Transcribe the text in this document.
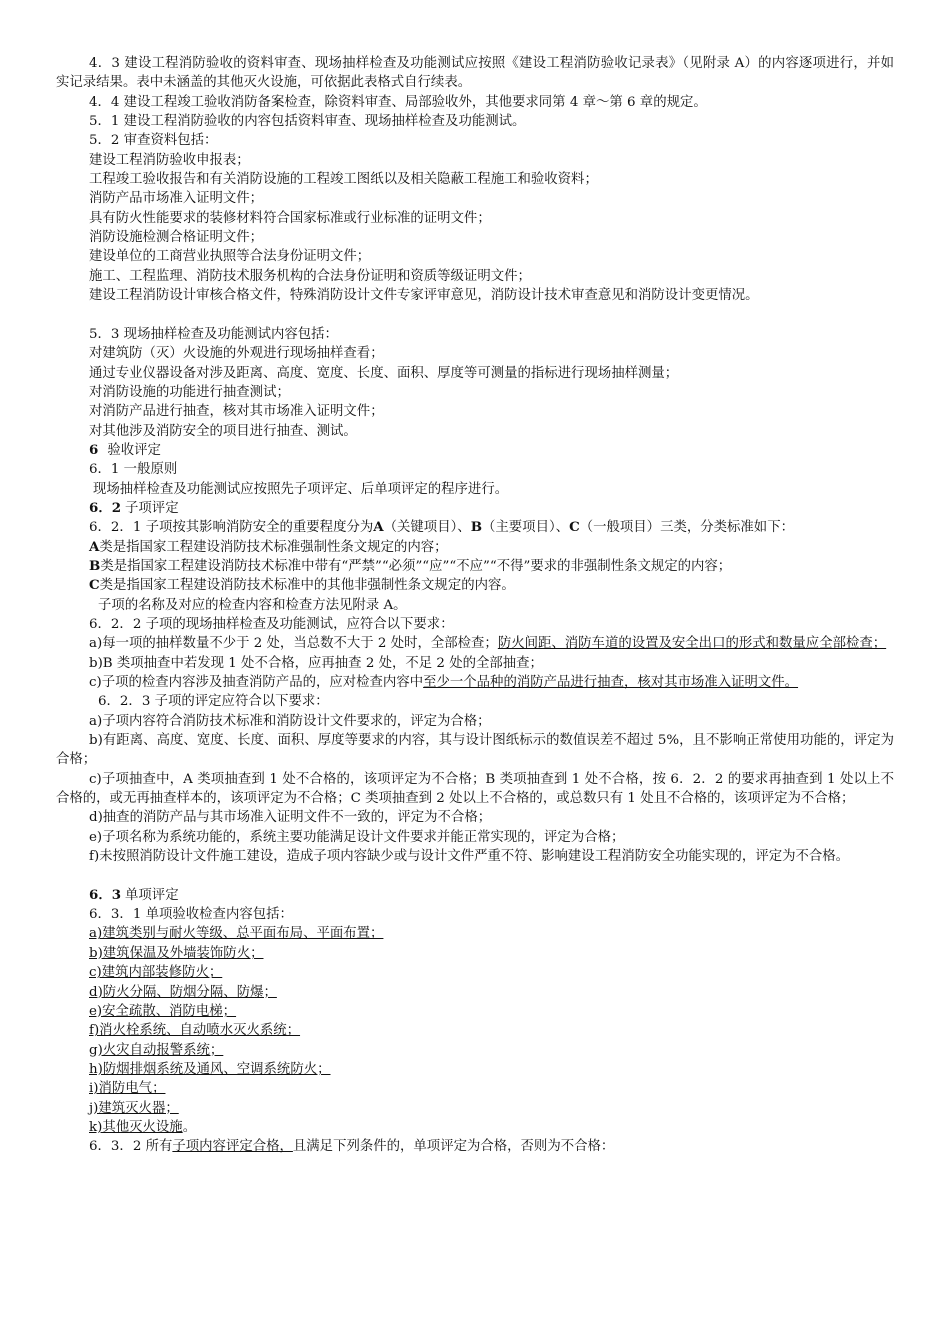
4．3 建设工程消防验收的资料审查、现场抽样检查及功能测试应按照《建设工程消防验收记录表》（见附录 A）的内容逐项进行，并如实记录结果。表中未涵盖的其他灭火设施，可依据此表格式自行续表。

4．4 建设工程竣工验收消防备案检查，除资料审查、局部验收外，其他要求同第 4 章～第 6 章的规定。

5．1 建设工程消防验收的内容包括资料审查、现场抽样检查及功能测试。

5．2 审查资料包括：

建设工程消防验收申报表；

工程竣工验收报告和有关消防设施的工程竣工图纸以及相关隐蔽工程施工和验收资料；

消防产品市场准入证明文件；

具有防火性能要求的装修材料符合国家标准或行业标准的证明文件；

消防设施检测合格证明文件；

建设单位的工商营业执照等合法身份证明文件；

施工、工程监理、消防技术服务机构的合法身份证明和资质等级证明文件；

建设工程消防设计审核合格文件，特殊消防设计文件专家评审意见，消防设计技术审查意见和消防设计变更情况。

5．3 现场抽样检查及功能测试内容包括：

对建筑防（灭）火设施的外观进行现场抽样查看；

通过专业仪器设备对涉及距离、高度、宽度、长度、面积、厚度等可测量的指标进行现场抽样测量；

对消防设施的功能进行抽查测试；

对消防产品进行抽查，核对其市场准入证明文件；

对其他涉及消防安全的项目进行抽查、测试。

6 验收评定

6．1 一般原则

现场抽样检查及功能测试应按照先子项评定、后单项评定的程序进行。

6．2 子项评定

6．2．1 子项按其影响消防安全的重要程度分为A（关键项目）、B（主要项目）、C（一般项目）三类，分类标准如下：

A类是指国家工程建设消防技术标准强制性条文规定的内容；

B类是指国家工程建设消防技术标准中带有“严禁”“必须”“应”“不应”“不得”要求的非强制性条文规定的内容；

C类是指国家工程建设消防技术标准中的其他非强制性条文规定的内容。

子项的名称及对应的检查内容和检查方法见附录 A。

6．2．2 子项的现场抽样检查及功能测试，应符合以下要求：

a)每一项的抽样数量不少于 2 处，当总数不大于 2 处时，全部检查；防火间距、消防车道的设置及安全出口的形式和数量应全部检查；

b)B 类项抽查中若发现 1 处不合格，应再抽查 2 处，不足 2 处的全部抽查；

c)子项的检查内容涉及抽查消防产品的，应对检查内容中至少一个品种的消防产品进行抽查，核对其市场准入证明文件。

6．2．3 子项的评定应符合以下要求：

a)子项内容符合消防技术标准和消防设计文件要求的，评定为合格；

b)有距离、高度、宽度、长度、面积、厚度等要求的内容，其与设计图纸标示的数值误差不超过 5%，且不影响正常使用功能的，评定为合格；

c)子项抽查中，A 类项抽查到 1 处不合格的，该项评定为不合格；B 类项抽查到 1 处不合格，按 6．2．2 的要求再抽查到 1 处以上不合格的，或无再抽查样本的，该项评定为不合格；C 类项抽查到 2 处以上不合格的，或总数只有 1 处且不合格的，该项评定为不合格；

d)抽查的消防产品与其市场准入证明文件不一致的，评定为不合格；

e)子项名称为系统功能的，系统主要功能满足设计文件要求并能正常实现的，评定为合格；

f)未按照消防设计文件施工建设，造成子项内容缺少或与设计文件严重不符、影响建设工程消防安全功能实现的，评定为不合格。

6．3 单项评定

6．3．1 单项验收检查内容包括：

a)建筑类别与耐火等级、总平面布局、平面布置；

b)建筑保温及外墙装饰防火；

c)建筑内部装修防火；

d)防火分隔、防烟分隔、防爆；

e)安全疏散、消防电梯；

f)消火栓系统、自动喷水灭火系统；

g)火灾自动报警系统；

h)防烟排烟系统及通风、空调系统防火；

i)消防电气；

j)建筑灭火器；

k)其他灭火设施。

6．3．2 所有子项内容评定合格，且满足下列条件的，单项评定为合格，否则为不合格：
